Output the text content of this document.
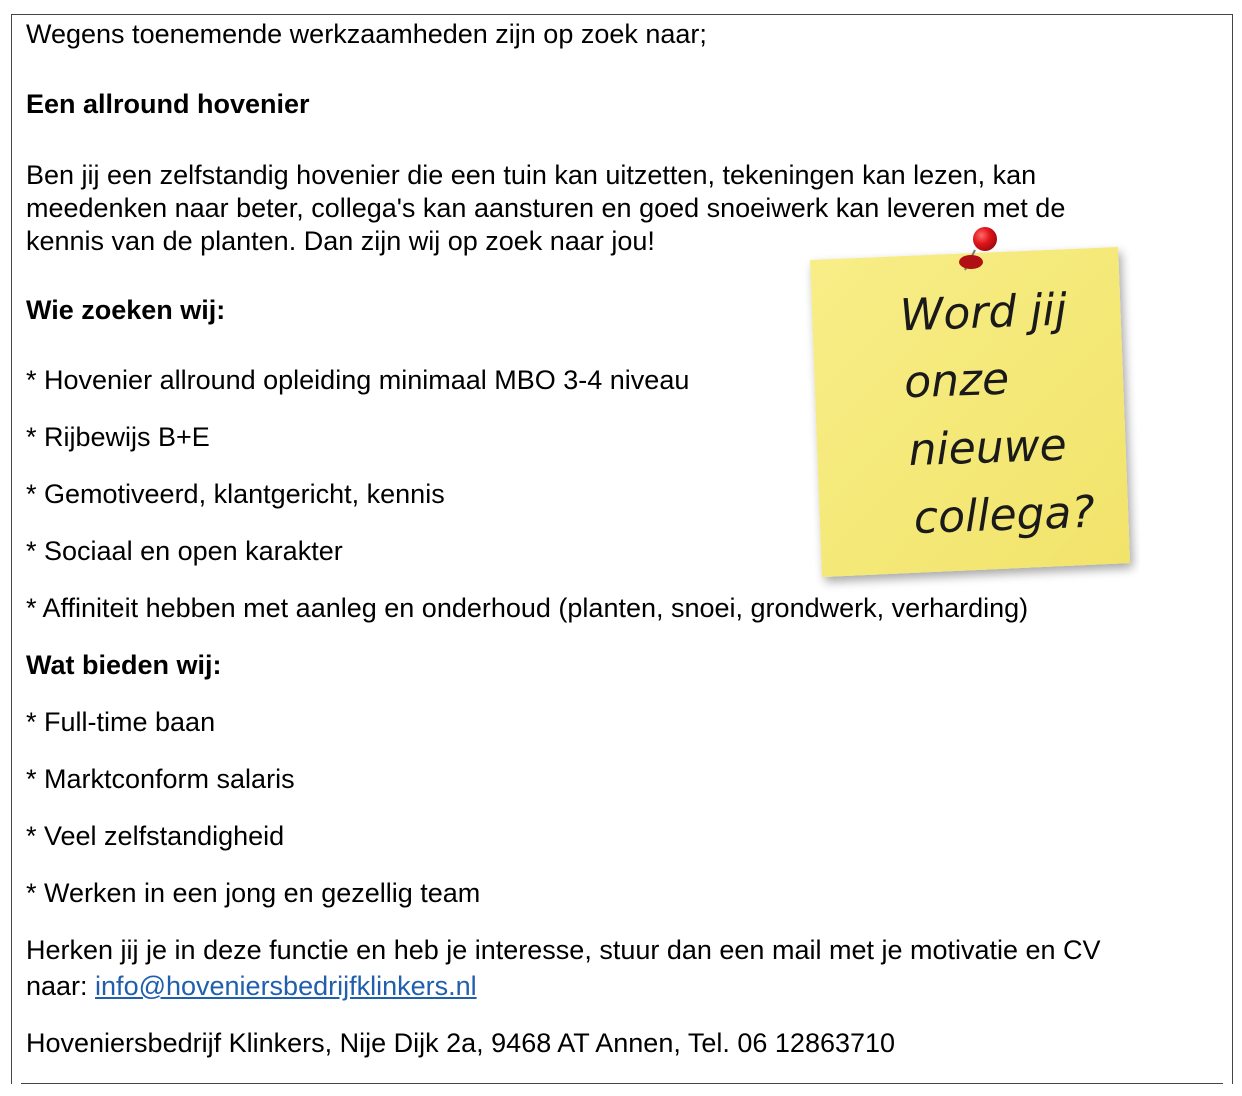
Wegens toenemende werkzaamheden zijn op zoek naar;

Een allround hovenier

Ben jij een zelfstandig hovenier die een tuin kan uitzetten, tekeningen kan lezen, kan

meedenken naar beter, collega's kan aansturen en goed snoeiwerk kan leveren met de

kennis van de planten. Dan zijn wij op zoek naar jou!

Wie zoeken wij:

* Hovenier allround opleiding minimaal MBO 3-4 niveau

* Rijbewijs B+E

* Gemotiveerd, klantgericht, kennis

* Sociaal en open karakter

* Affiniteit hebben met aanleg en onderhoud (planten, snoei, grondwerk, verharding)

Wat bieden wij:

* Full-time baan

* Marktconform salaris

* Veel zelfstandigheid

* Werken in een jong en gezellig team

Herken jij je in deze functie en heb je interesse, stuur dan een mail met je motivatie en CV

naar: info@hoveniersbedrijfklinkers.nl

Hoveniersbedrijf Klinkers, Nije Dijk 2a, 9468 AT Annen, Tel. 06 12863710

Word jij
onze
nieuwe
collega?
